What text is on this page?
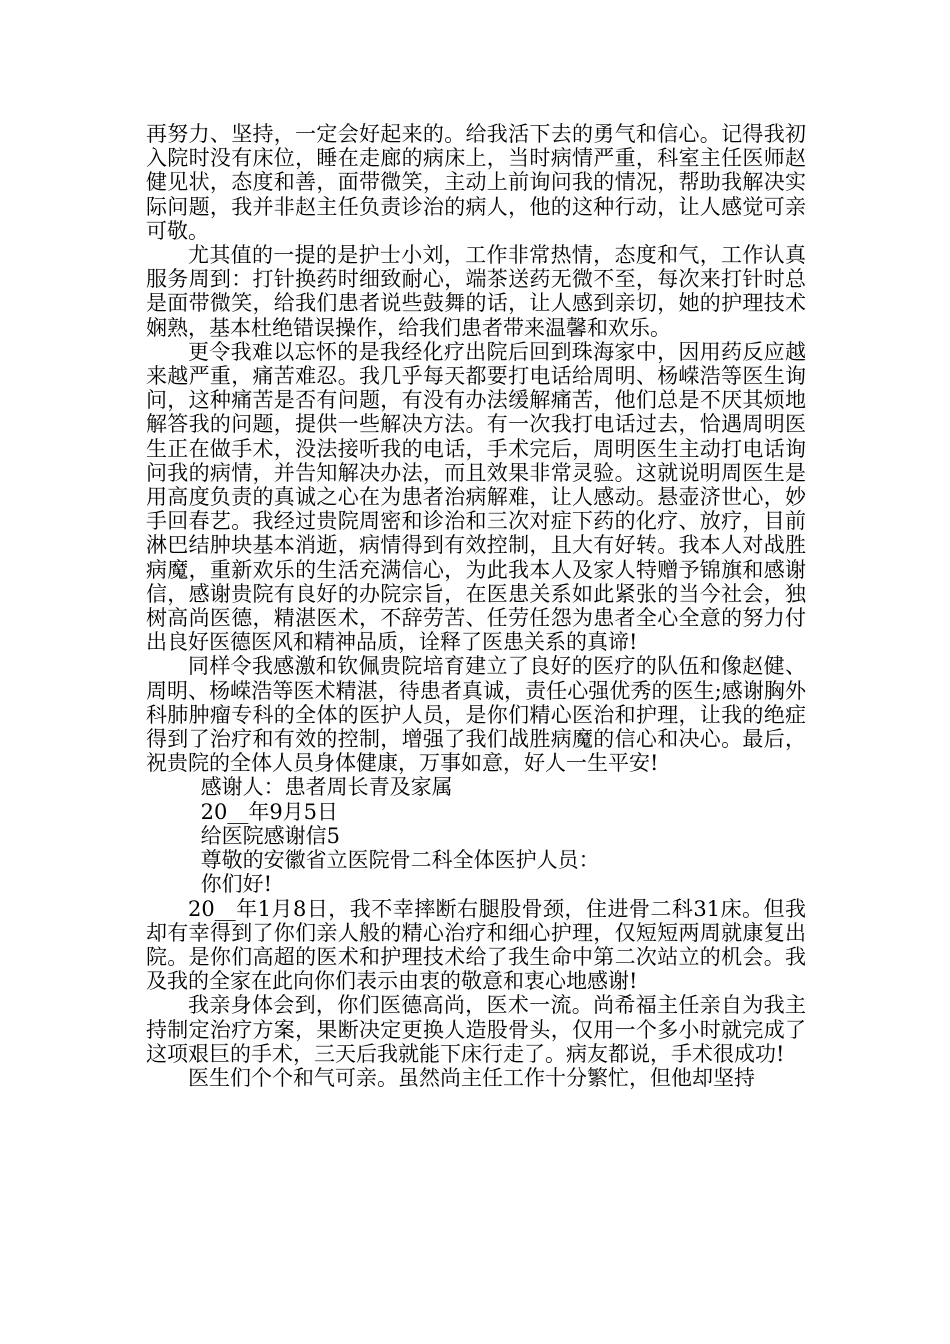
再努力、坚持，一定会好起来的。给我活下去的勇气和信心。记得我初入院时没有床位，睡在走廊的病床上，当时病情严重，科室主任医师赵健见状，态度和善，面带微笑，主动上前询问我的情况，帮助我解决实际问题，我并非赵主任负责诊治的病人，他的这种行动，让人感觉可亲可敬。

尤其值的一提的是护士小刘，工作非常热情，态度和气，工作认真服务周到：打针换药时细致耐心，端茶送药无微不至，每次来打针时总是面带微笑，给我们患者说些鼓舞的话，让人感到亲切，她的护理技术娴熟，基本杜绝错误操作，给我们患者带来温馨和欢乐。

更令我难以忘怀的是我经化疗出院后回到珠海家中，因用药反应越来越严重，痛苦难忍。我几乎每天都要打电话给周明、杨嵘浩等医生询问，这种痛苦是否有问题，有没有办法缓解痛苦，他们总是不厌其烦地解答我的问题，提供一些解决方法。有一次我打电话过去，恰遇周明医生正在做手术，没法接听我的电话，手术完后，周明医生主动打电话询问我的病情，并告知解决办法，而且效果非常灵验。这就说明周医生是用高度负责的真诚之心在为患者治病解难，让人感动。悬壶济世心，妙手回春艺。我经过贵院周密和诊治和三次对症下药的化疗、放疗，目前淋巴结肿块基本消逝，病情得到有效控制，且大有好转。我本人对战胜病魔，重新欢乐的生活充满信心，为此我本人及家人特赠予锦旗和感谢信，感谢贵院有良好的办院宗旨，在医患关系如此紧张的当今社会，独树高尚医德，精湛医术，不辞劳苦、任劳任怨为患者全心全意的努力付出良好医德医风和精神品质，诠释了医患关系的真谛!

同样令我感激和钦佩贵院培育建立了良好的医疗的队伍和像赵健、周明、杨嵘浩等医术精湛，待患者真诚，责任心强优秀的医生;感谢胸外科肺肿瘤专科的全体的医护人员，是你们精心医治和护理，让我的绝症得到了治疗和有效的控制，增强了我们战胜病魔的信心和决心。最后，祝贵院的全体人员身体健康，万事如意，好人一生平安!

感谢人：患者周长青及家属

20__年9月5日

给医院感谢信5

尊敬的安徽省立医院骨二科全体医护人员：

你们好!

20__年1月8日，我不幸摔断右腿股骨颈，住进骨二科31床。但我却有幸得到了你们亲人般的精心治疗和细心护理，仅短短两周就康复出院。是你们高超的医术和护理技术给了我生命中第二次站立的机会。我及我的全家在此向你们表示由衷的敬意和衷心地感谢!

我亲身体会到，你们医德高尚，医术一流。尚希福主任亲自为我主持制定治疗方案，果断决定更换人造股骨头，仅用一个多小时就完成了这项艰巨的手术，三天后我就能下床行走了。病友都说，手术很成功!

医生们个个和气可亲。虽然尚主任工作十分繁忙，但他却坚持
